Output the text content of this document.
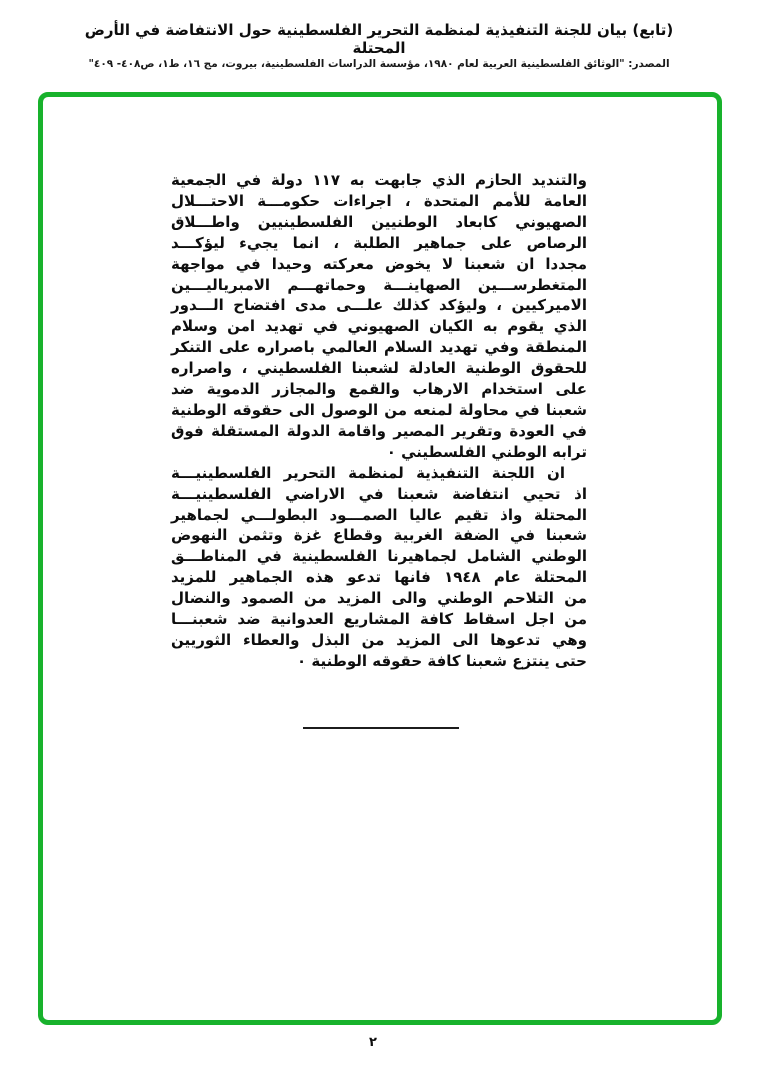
(تابع) بيان للجنة التنفيذية لمنظمة التحرير الفلسطينية حول الانتفاضة في الأرض المحتلة
المصدر: "الوثائق الفلسطينية العربية لعام ١٩٨٠، مؤسسة الدراسات الفلسطينية، بيروت، مج ١٦، ط١، ص٤٠٨- ٤٠٩"
والتنديد الحازم الذي جابهت به ١١٧ دولة في الجمعية
العامة للأمم المتحدة ، اجراءات حكومـــة الاحتـــلال
الصهيوني كابعاد الوطنيين الفلسطينيين واطـــلاق
الرصاص على جماهير الطلبة ، انما يجيء ليؤكـــد
مجددا ان شعبنا لا يخوض معركته وحيدا في مواجهة
المتغطرســـين الصهاينـــة وحماتهـــم الامبرياليـــين
الاميركيين ، وليؤكد كذلك علـــى مدى افتضاح الـــدور
الذي يقوم به الكيان الصهيوني في تهديد امن وسلام
المنطقة وفي تهديد السلام العالمي باصراره على التنكر
للحقوق الوطنية العادلة لشعبنا الفلسطيني ، واصراره
على استخدام الارهاب والقمع والمجازر الدموية ضد
شعبنا في محاولة لمنعه من الوصول الى حقوقه الوطنية
في العودة وتقرير المصير واقامة الدولة المستقلة فوق
ترابه الوطني الفلسطيني ٠
ان اللجنة التنفيذية لمنظمة التحرير الفلسطينيـــة
اذ تحيي انتفاضة شعبنا في الاراضي الفلسطينيـــة
المحتلة واذ تقيم عاليا الصمـــود البطولـــي لجماهير
شعبنا في الضفة الغربية وقطاع غزة وتثمن النهوض
الوطني الشامل لجماهيرنا الفلسطينية في المناطـــق
المحتلة عام ١٩٤٨ فانها تدعو هذه الجماهير للمزيد
من التلاحم الوطني والى المزيد من الصمود والنضال
من اجل اسقاط كافة المشاريع العدوانية ضد شعبنـــا
وهي تدعوها الى المزيد من البذل والعطاء الثوريين
حتى ينتزع شعبنا كافة حقوقه الوطنية ٠
٢
